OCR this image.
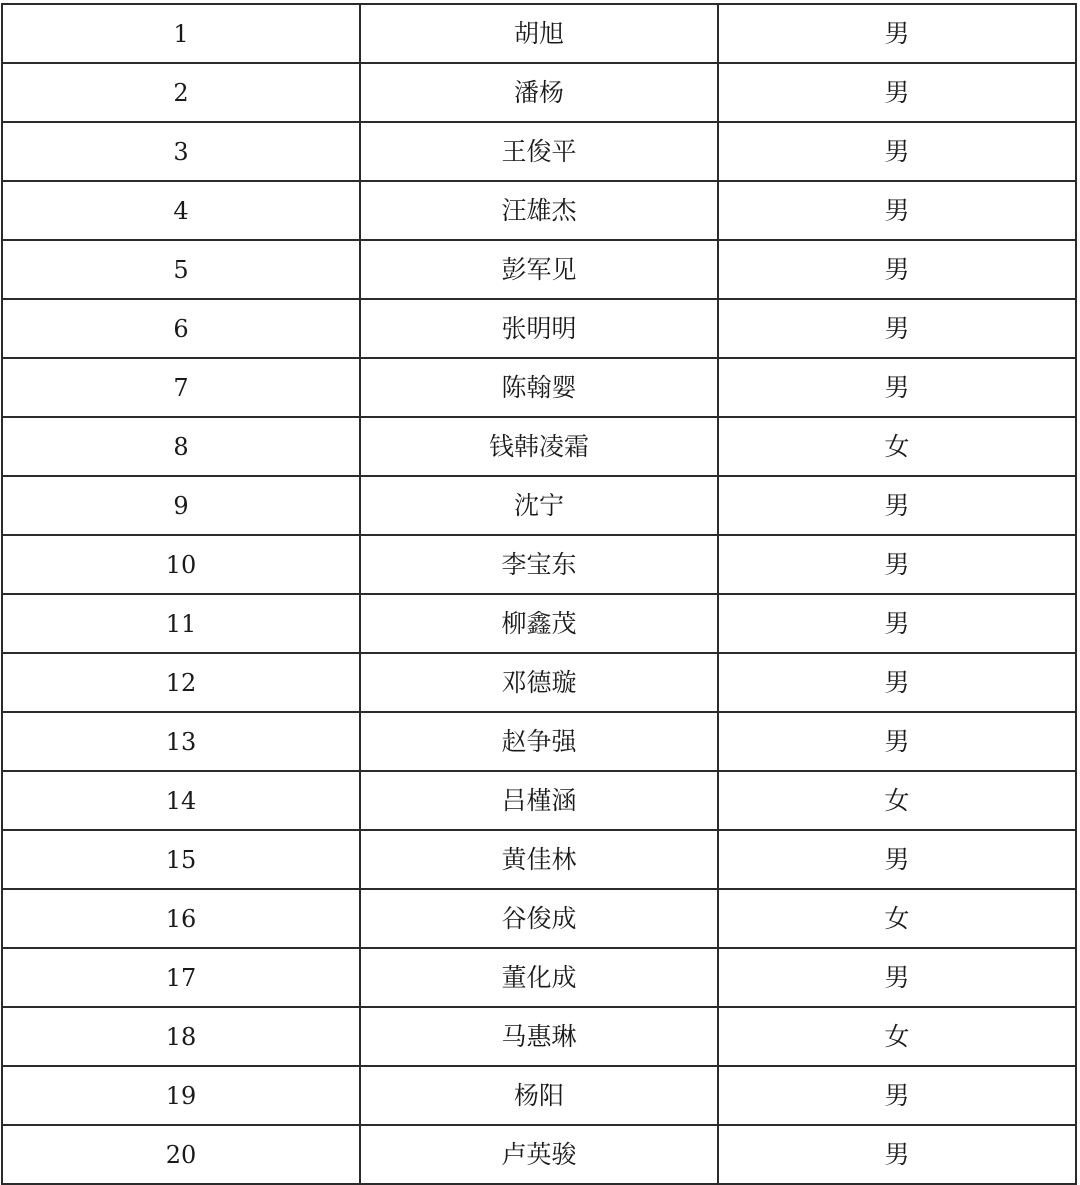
1	胡旭	男
2	潘杨	男
3	王俊平	男
4	汪雄杰	男
5	彭军见	男
6	张明明	男
7	陈翰婴	男
8	钱韩凌霜	女
9	沈宁	男
10	李宝东	男
11	柳鑫茂	男
12	邓德璇	男
13	赵争强	男
14	吕槿涵	女
15	黄佳林	男
16	谷俊成	女
17	董化成	男
18	马惠琳	女
19	杨阳	男
20	卢英骏	男
